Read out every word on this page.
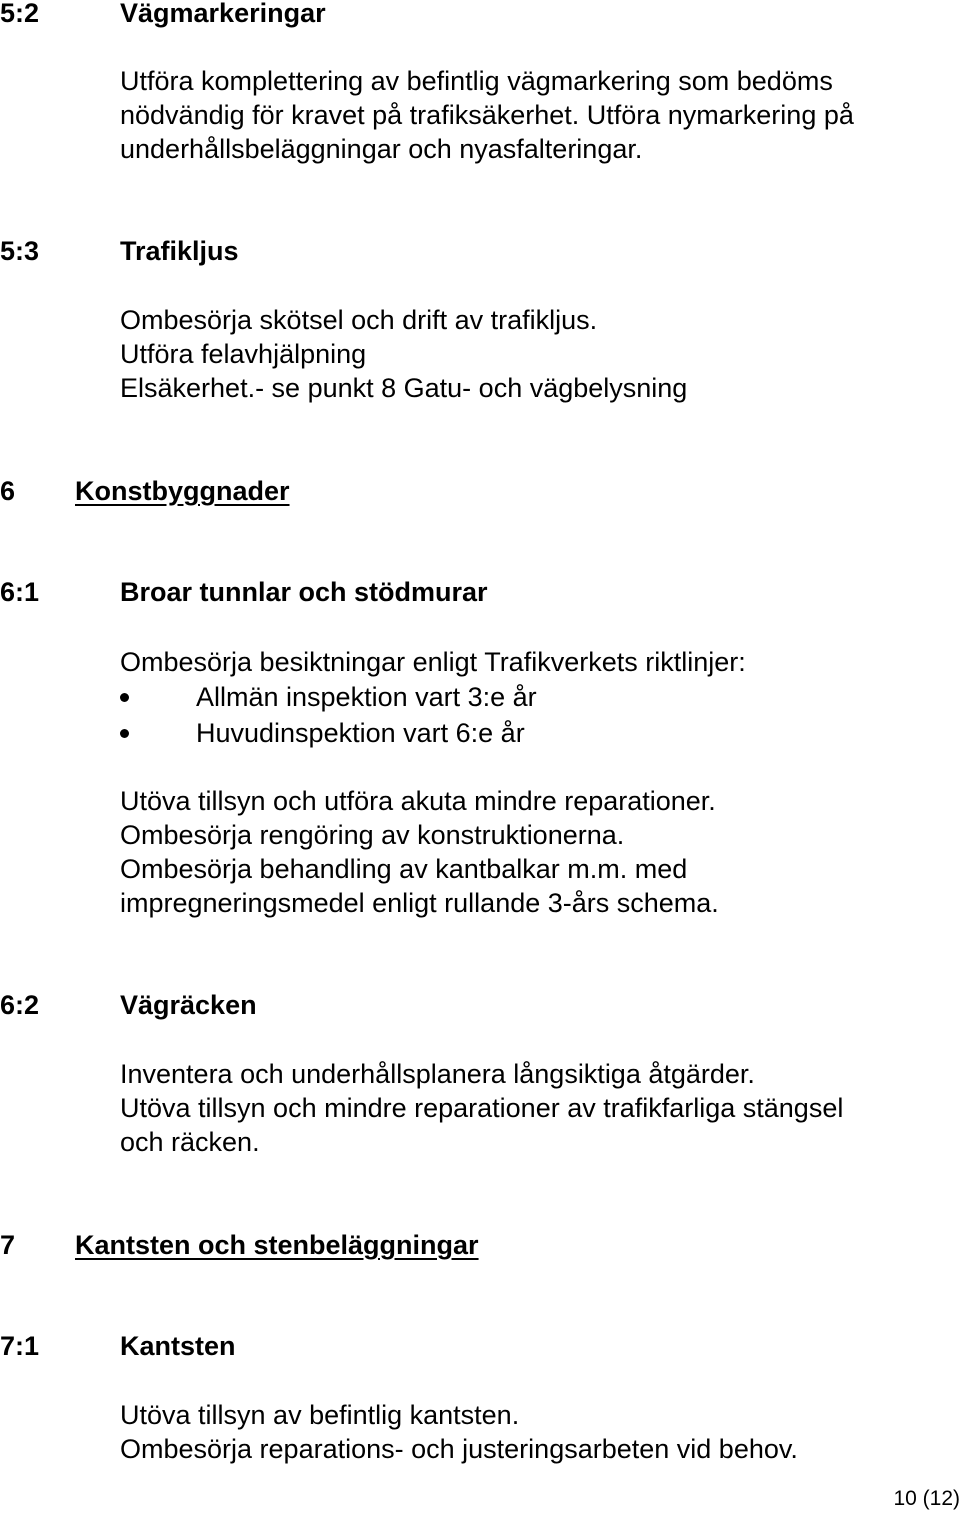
5:2	Vägmarkeringar
Utföra komplettering av befintlig vägmarkering som bedöms
nödvändig för kravet på trafiksäkerhet. Utföra nymarkering på
underhållsbeläggningar och nyasfalteringar.
5:3	Trafikljus
Ombesörja skötsel och drift av trafikljus.
Utföra felavhjälpning
Elsäkerhet.- se punkt 8 Gatu- och vägbelysning
6 Konstbyggnader
6:1	Broar tunnlar och stödmurar
Ombesörja besiktningar enligt Trafikverkets riktlinjer:
Allmän inspektion vart 3:e år
Huvudinspektion vart 6:e år
Utöva tillsyn och utföra akuta mindre reparationer.
Ombesörja rengöring av konstruktionerna.
Ombesörja behandling av kantbalkar m.m. med
impregneringsmedel enligt rullande 3-års schema.
6:2	Vägräcken
Inventera och underhållsplanera långsiktiga åtgärder.
Utöva tillsyn och mindre reparationer av trafikfarliga stängsel
och räcken.
7 Kantsten och stenbeläggningar
7:1	Kantsten
Utöva tillsyn av befintlig kantsten.
Ombesörja reparations- och justeringsarbeten vid behov.
10 (12)
